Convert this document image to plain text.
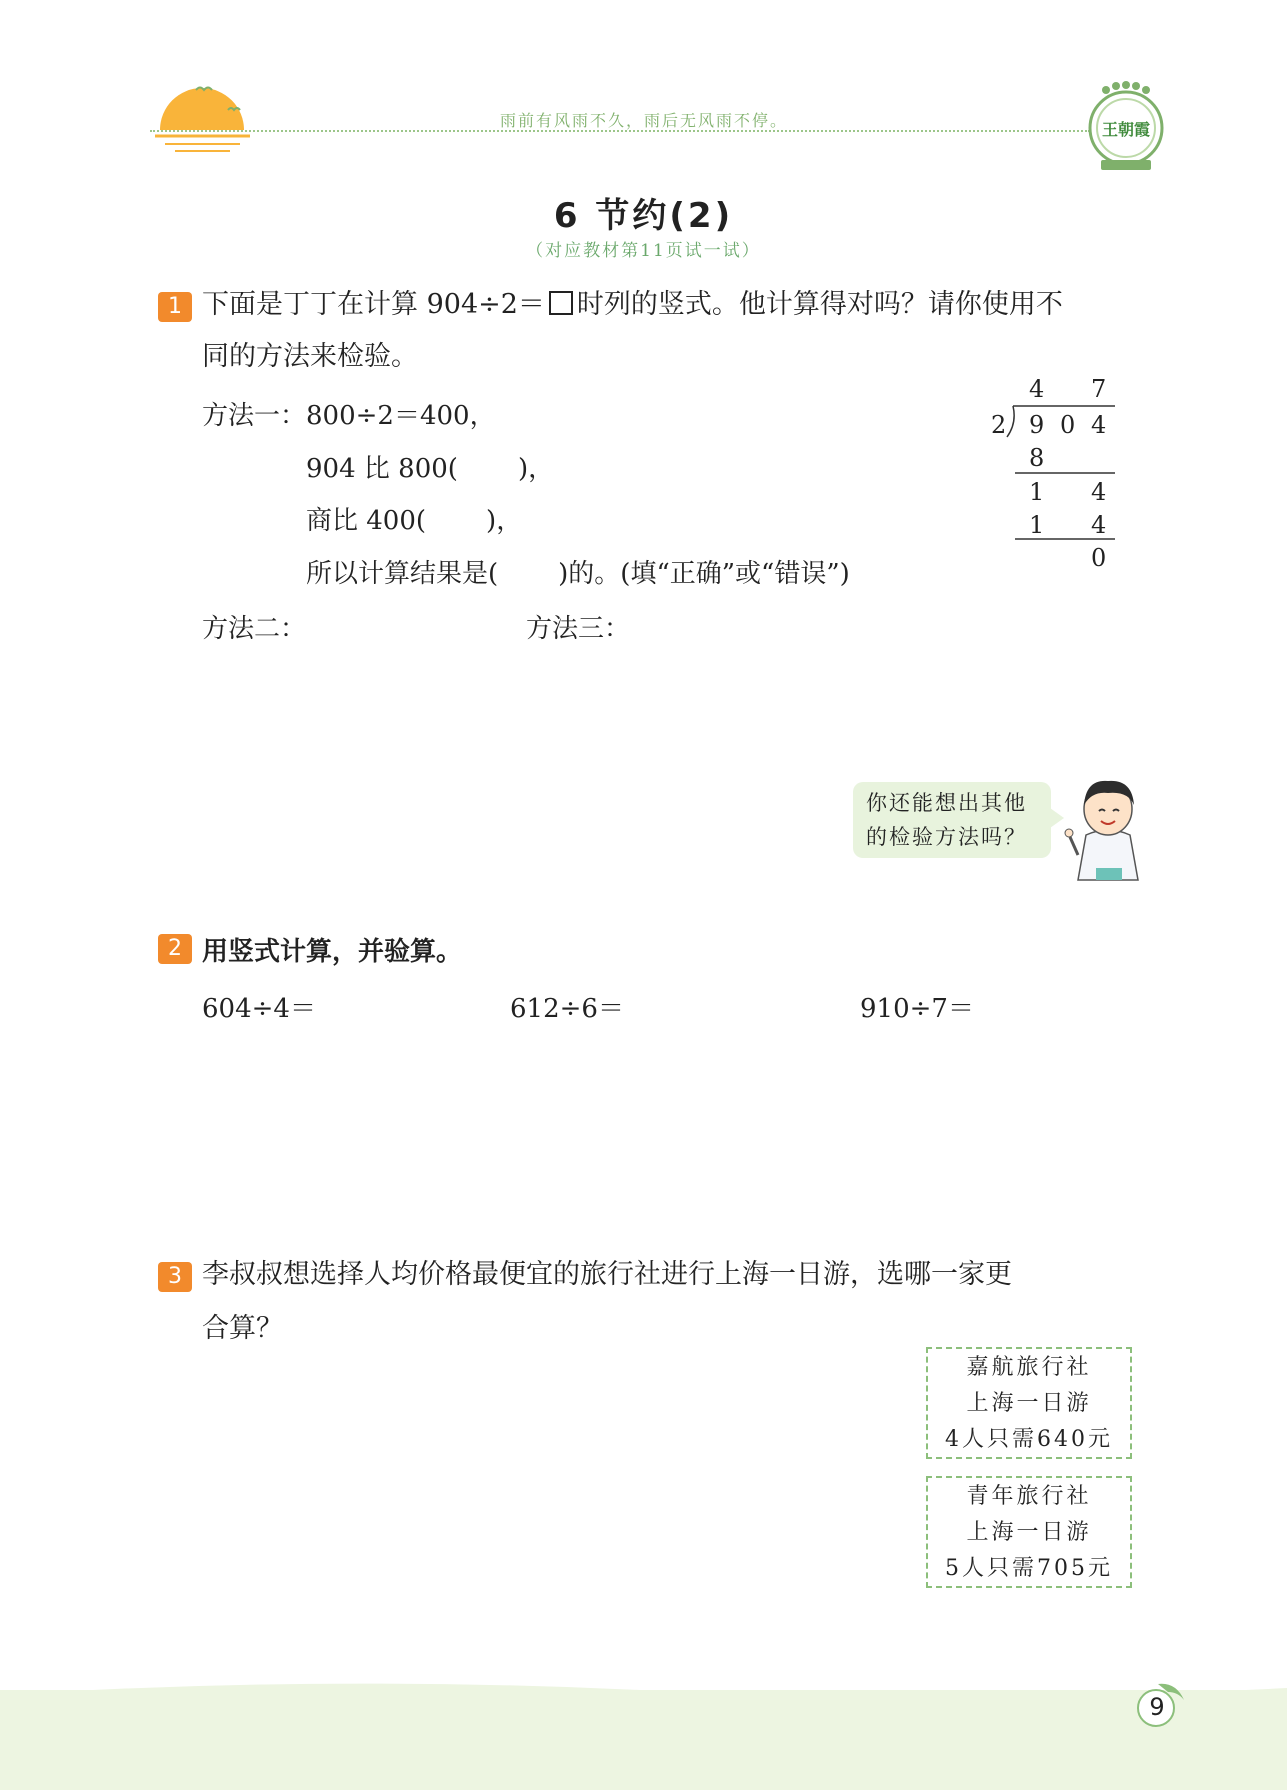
雨前有风雨不久，雨后无风雨不停。	王朝霞
6 节约(2)
（对应教材第11页试一试）
1 下面是丁丁在计算 904÷2＝ 时列的竖式。他计算得对吗？请你使用不
同的方法来检验。
方法一：800÷2＝400，
904 比 800( )，
商比 400( )，
所以计算结果是( )的。(填“正确”或“错误”)
方法二：	方法三：
4 7
2 9 0 4
8
1 4
1 4
0
你还能想出其他的检验方法吗？
2 用竖式计算，并验算。
604÷4＝	612÷6＝	910÷7＝
3 李叔叔想选择人均价格最便宜的旅行社进行上海一日游，选哪一家更
合算？
嘉航旅行社
上海一日游
4人只需640元
青年旅行社
上海一日游
5人只需705元
9
